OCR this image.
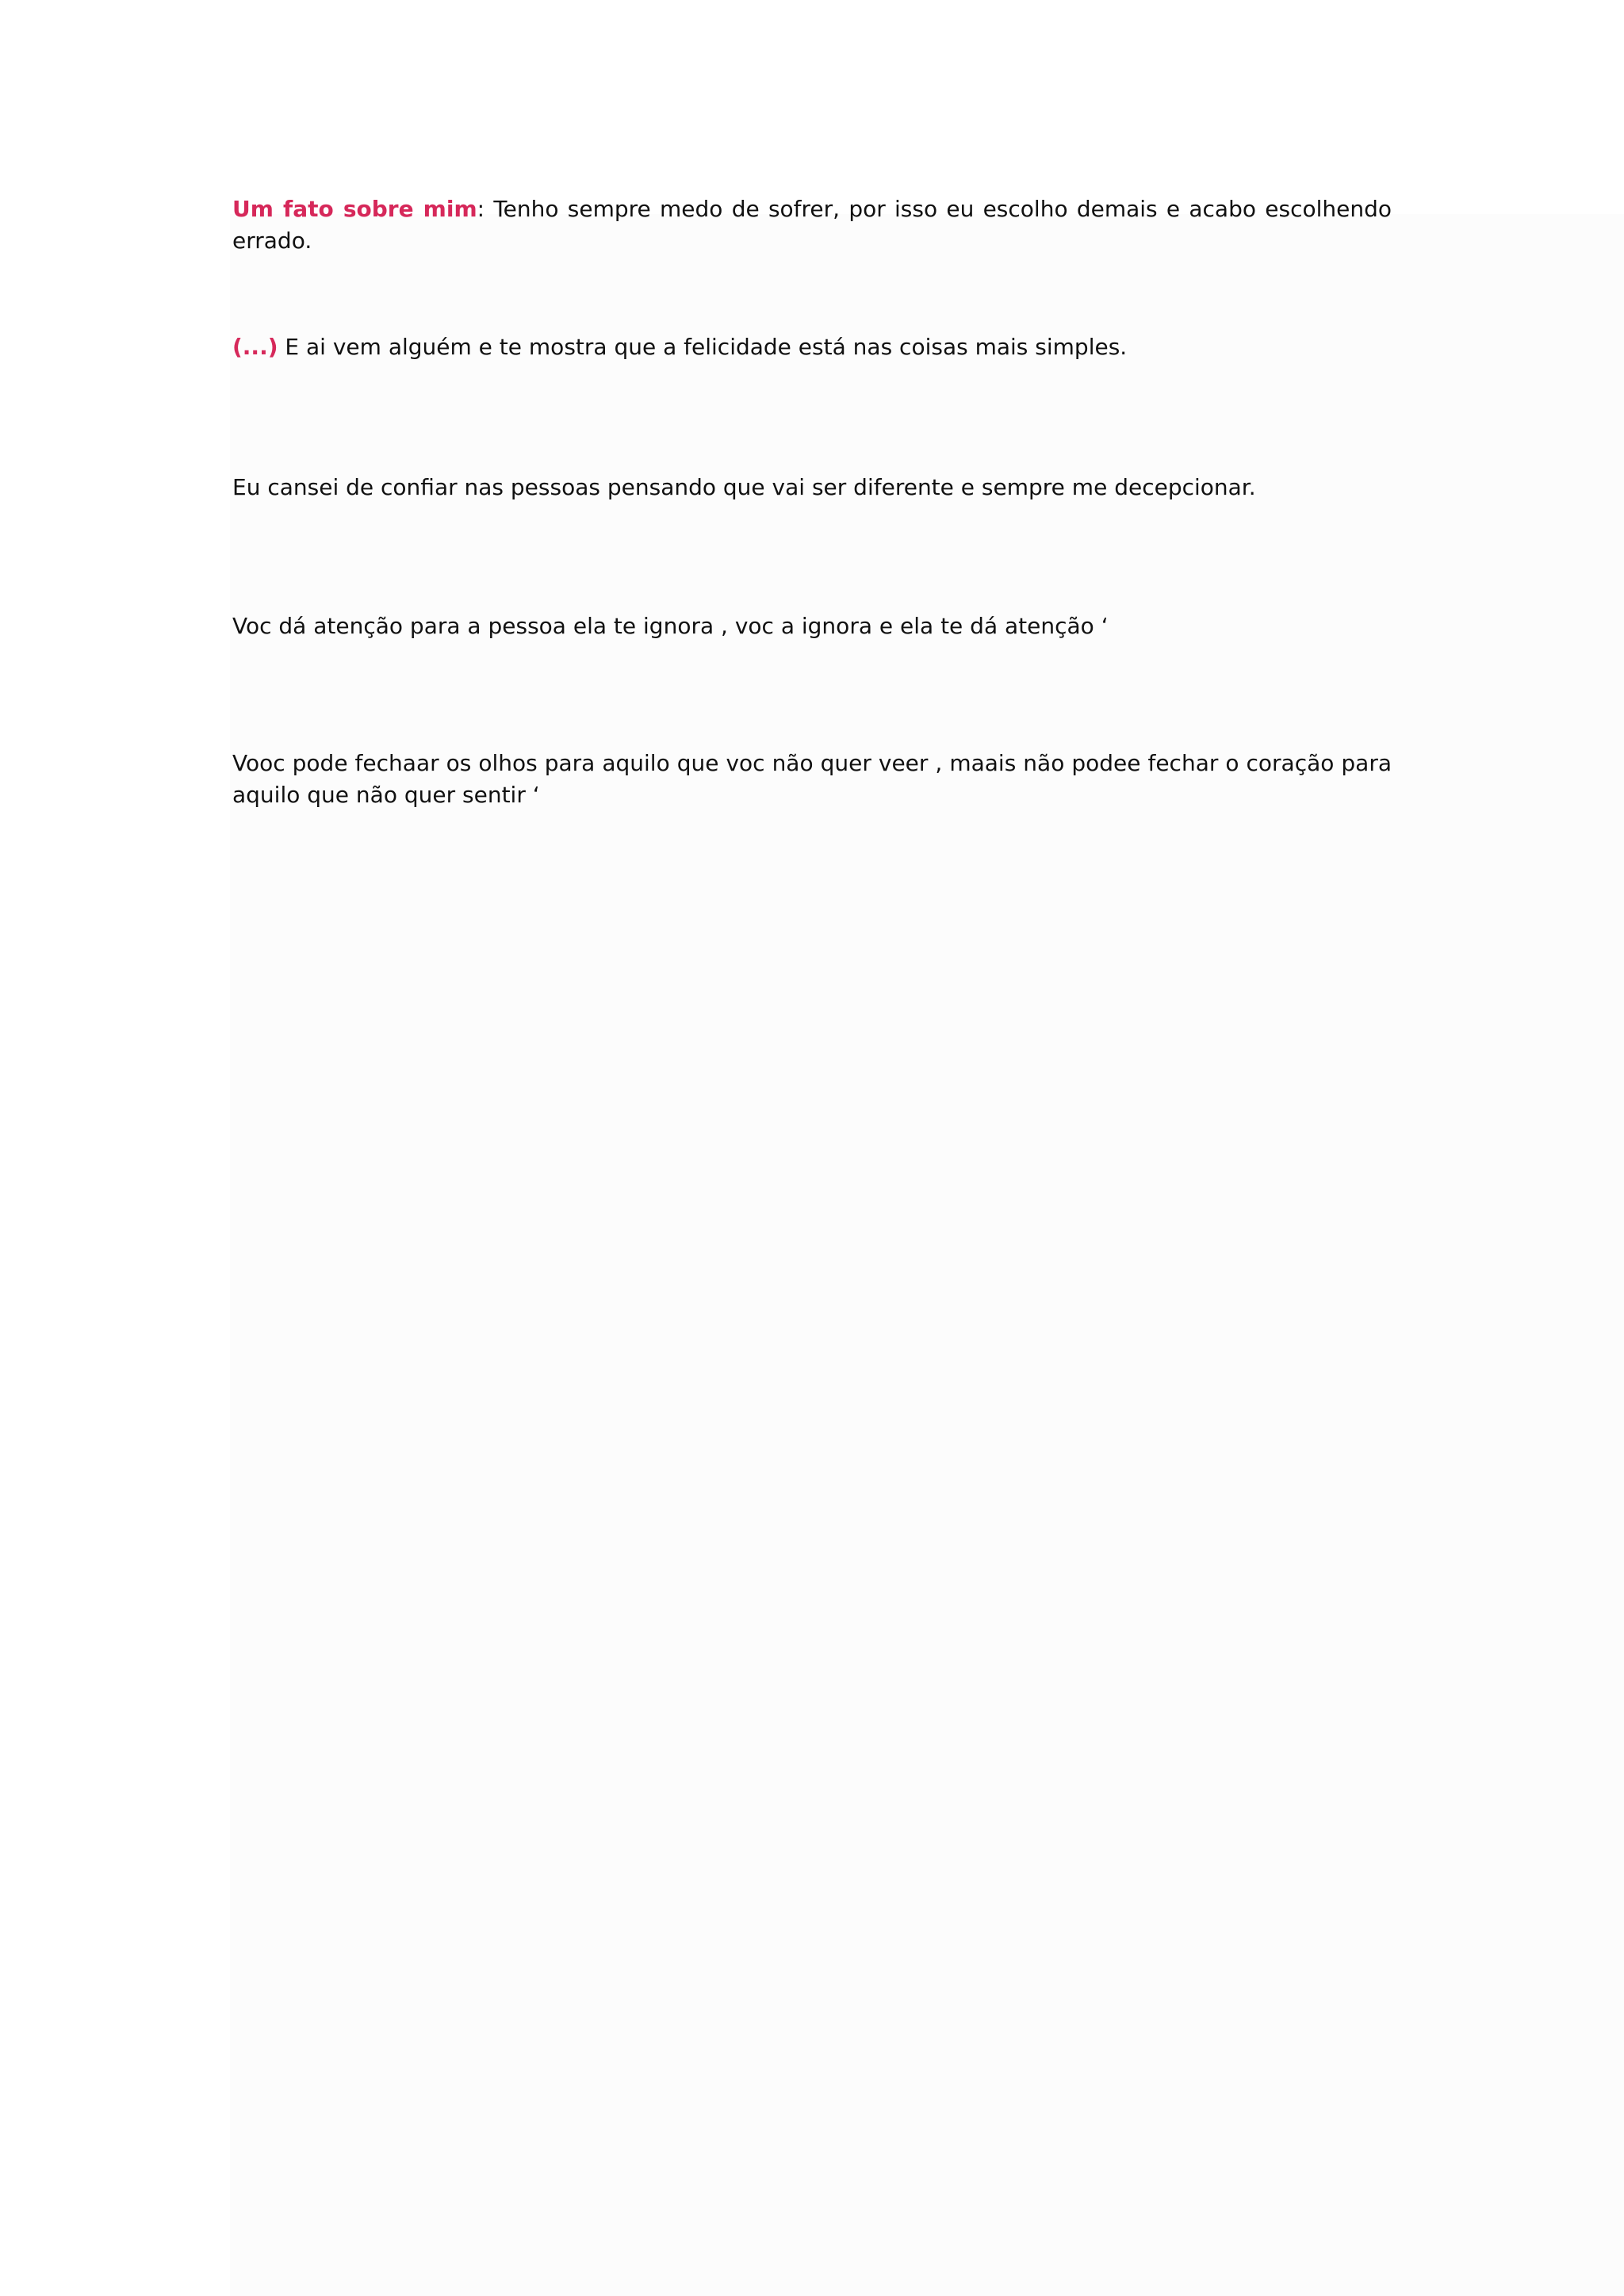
Um fato sobre mim: Tenho sempre medo de sofrer, por isso eu escolho demais e acabo escolhendo errado.

(...) E ai vem alguém e te mostra que a felicidade está nas coisas mais simples.

Eu cansei de confiar nas pessoas pensando que vai ser diferente e sempre me decepcionar.

Voc dá atenção para a pessoa ela te ignora , voc a ignora e ela te dá atenção ‘

Vooc pode fechaar os olhos para aquilo que voc não quer veer , maais não podee fechar o coração para aquilo que não quer sentir ‘
